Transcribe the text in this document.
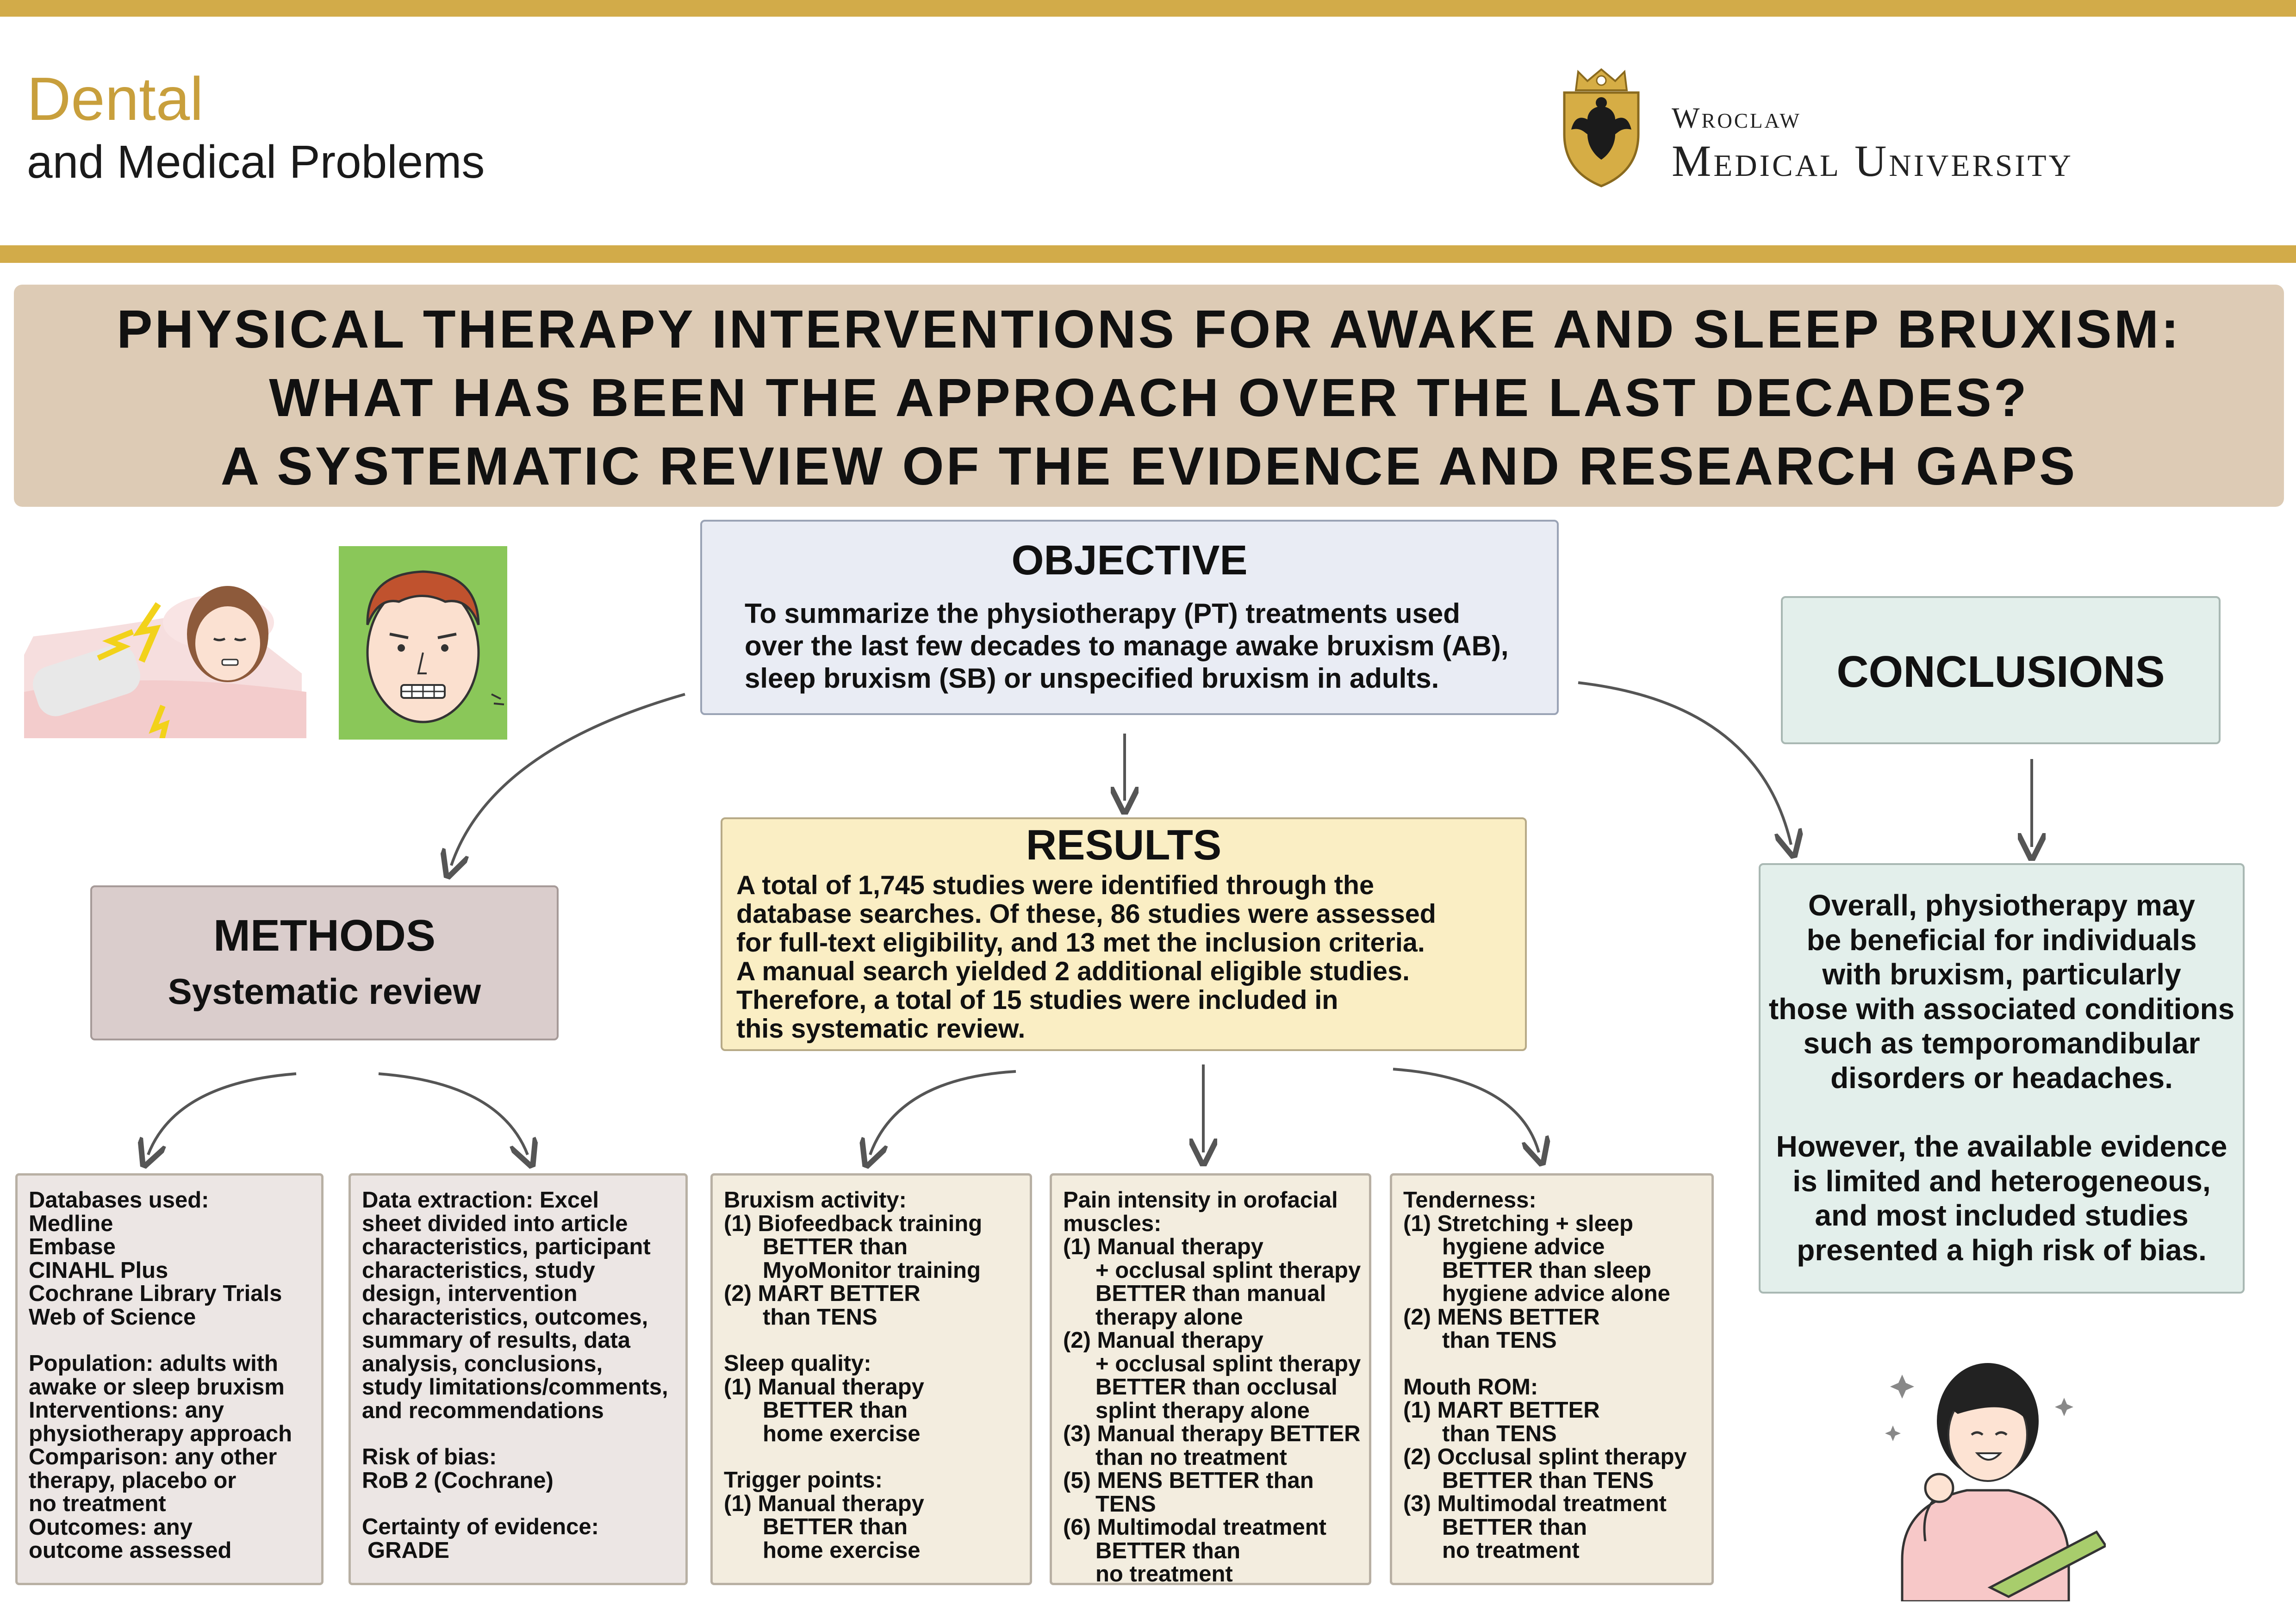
Dental
and Medical Problems
Wroclaw
Medical University
PHYSICAL THERAPY INTERVENTIONS FOR AWAKE AND SLEEP BRUXISM:
WHAT HAS BEEN THE APPROACH OVER THE LAST DECADES?
A SYSTEMATIC REVIEW OF THE EVIDENCE AND RESEARCH GAPS
OBJECTIVE
To summarize the physiotherapy (PT) treatments used
over the last few decades to manage awake bruxism (AB),
sleep bruxism (SB) or unspecified bruxism in adults.
METHODS
Systematic review
RESULTS
A total of 1,745 studies were identified through the
database searches. Of these, 86 studies were assessed
for full-text eligibility, and 13 met the inclusion criteria.
A manual search yielded 2 additional eligible studies.
Therefore, a total of 15 studies were included in
this systematic review.
CONCLUSIONS
Overall, physiotherapy may
be beneficial for individuals
with bruxism, particularly
those with associated conditions
such as temporomandibular
disorders or headaches.
However, the available evidence
is limited and heterogeneous,
and most included studies
presented a high risk of bias.
Databases used:
Medline
Embase
CINAHL Plus
Cochrane Library Trials
Web of Science
Population: adults with
awake or sleep bruxism
Interventions: any
physiotherapy approach
Comparison: any other
therapy, placebo or
no treatment
Outcomes: any
outcome assessed
Data extraction: Excel
sheet divided into article
characteristics, participant
characteristics, study
design, intervention
characteristics, outcomes,
summary of results, data
analysis, conclusions,
study limitations/comments,
and recommendations
Risk of bias:
RoB 2 (Cochrane)
Certainty of evidence:
GRADE
Bruxism activity:
(1) Biofeedback training
BETTER than
MyoMonitor training
(2) MART BETTER
than TENS
Sleep quality:
(1) Manual therapy
BETTER than
home exercise
Trigger points:
(1) Manual therapy
BETTER than
home exercise
Pain intensity in orofacial
muscles:
(1) Manual therapy
+ occlusal splint therapy
BETTER than manual
therapy alone
(2) Manual therapy
+ occlusal splint therapy
BETTER than occlusal
splint therapy alone
(3) Manual therapy BETTER
than no treatment
(5) MENS BETTER than
TENS
(6) Multimodal treatment
BETTER than
no treatment
Tenderness:
(1) Stretching + sleep
hygiene advice
BETTER than sleep
hygiene advice alone
(2) MENS BETTER
than TENS
Mouth ROM:
(1) MART BETTER
than TENS
(2) Occlusal splint therapy
BETTER than TENS
(3) Multimodal treatment
BETTER than
no treatment
